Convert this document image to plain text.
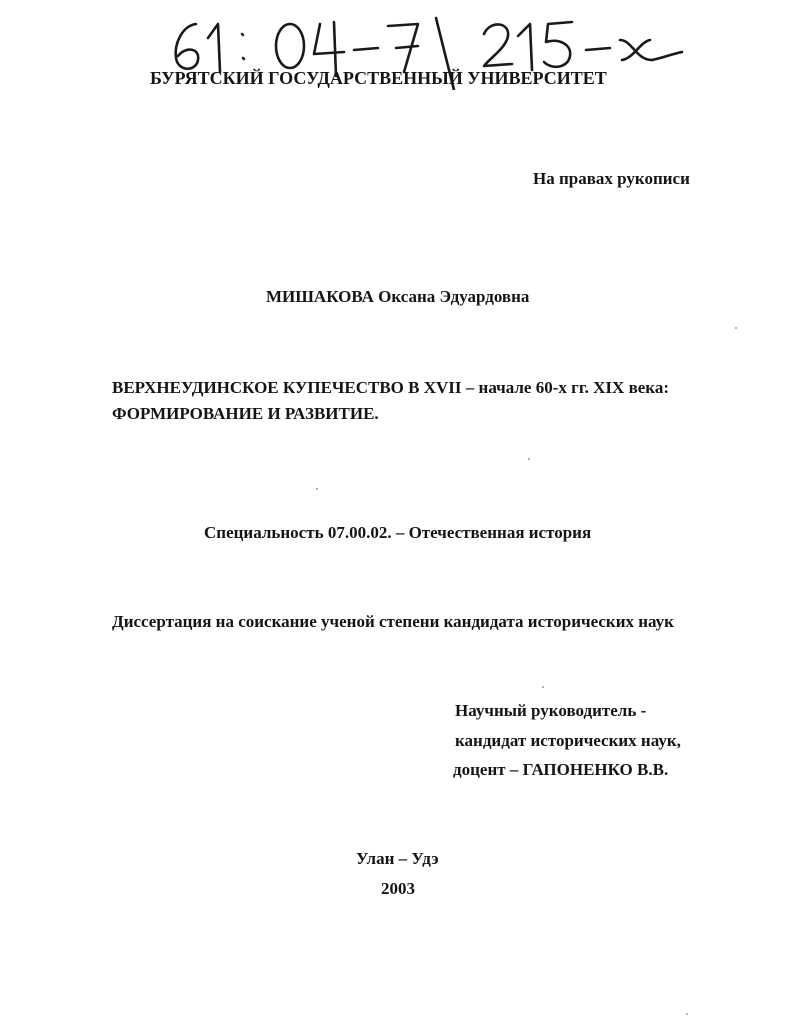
БУРЯТСКИЙ ГОСУДАРСТВЕННЫЙ УНИВЕРСИТЕТ
На правах рукописи
МИШАКОВА Оксана Эдуардовна
ВЕРХНЕУДИНСКОЕ КУПЕЧЕСТВО В XVII – начале 60-х гг. XIX века:
ФОРМИРОВАНИЕ И РАЗВИТИЕ.
Специальность 07.00.02. – Отечественная история
Диссертация на соискание ученой степени кандидата исторических наук
Научный руководитель -
кандидат исторических наук,
доцент – ГАПОНЕНКО В.В.
Улан – Удэ
2003
